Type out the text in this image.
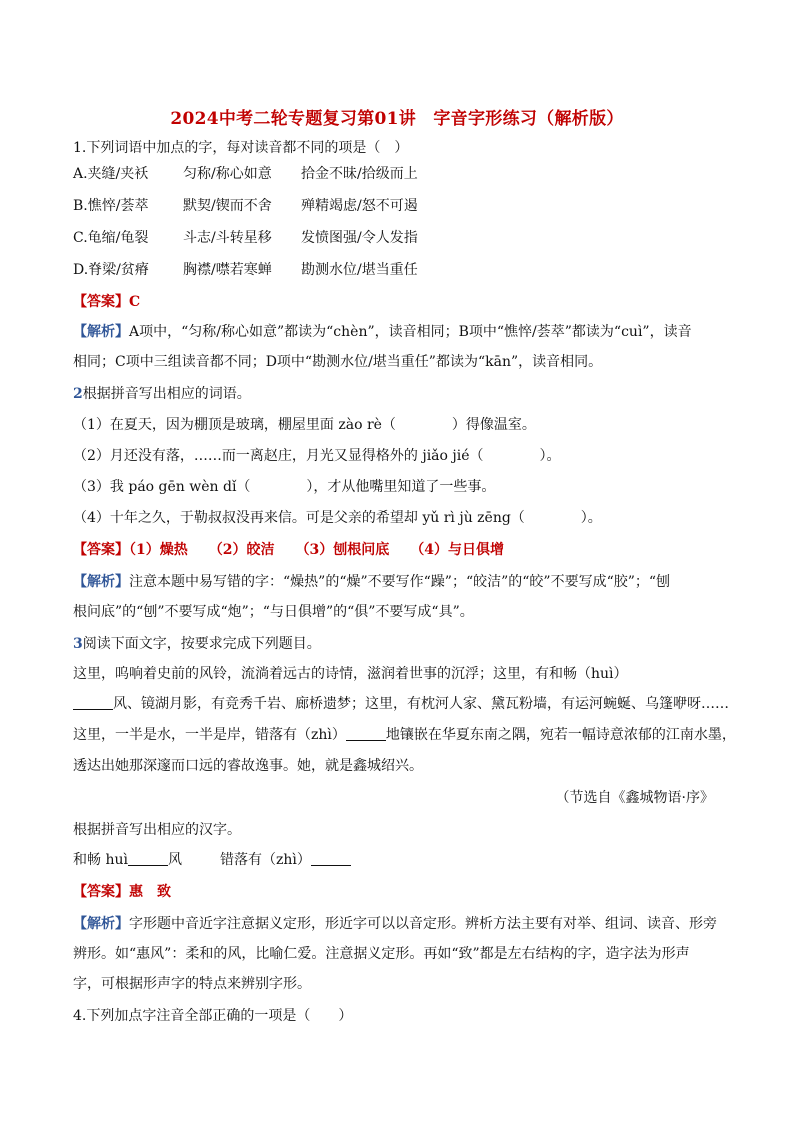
2024中考二轮专题复习第01讲　字音字形练习（解析版）
1.下列词语中加点的字，每对读音都不同的项是（　）
A.夹缝/夹袄 匀称/称心如意 拾金不昧/拾级而上
B.憔悴/荟萃 默契/锲而不舍 殚精竭虑/怒不可遏
C.龟缩/龟裂 斗志/斗转星移 发愤图强/令人发指
D.脊梁/贫瘠 胸襟/噤若寒蝉 勘测水位/堪当重任
【答案】C
【解析】A项中，“匀称/称心如意”都读为“chèn”，读音相同；B项中“憔悴/荟萃”都读为“cuì”，读音
相同；C项中三组读音都不同；D项中“勘测水位/堪当重任”都读为“kān”，读音相同。
2根据拼音写出相应的词语。
（1）在夏天，因为棚顶是玻璃，棚屋里面 zào rè（　　　　）得像温室。
（2）月还没有落，……而一离赵庄，月光又显得格外的 jiǎo jié（　　　　）。
（3）我 páo gēn wèn dǐ（　　　　），才从他嘴里知道了一些事。
（4）十年之久，于勒叔叔没再来信。可是父亲的希望却 yǔ rì jù zēng（　　　　）。
【答案】（1）燥热　　（2）皎洁　　（3）刨根问底　　（4）与日俱增
【解析】注意本题中易写错的字：“燥热”的“燥”不要写作“躁”；“皎洁”的“皎”不要写成“胶”；“刨
根问底”的“刨”不要写成“炮”；“与日俱增”的“俱”不要写成“具”。
3阅读下面文字，按要求完成下列题目。
这里，呜响着史前的风铃，流淌着远古的诗情，滋润着世事的沉浮；这里，有和畅（huì）
风、镜湖月影，有竞秀千岩、廊桥遗梦；这里，有枕河人家、黛瓦粉墙，有运河蜿蜒、乌篷咿呀……
这里，一半是水，一半是岸，错落有（zhì）	地镶嵌在华夏东南之隅，宛若一幅诗意浓郁的江南水墨，
透达出她那深邃而口远的睿故逸事。她，就是鑫城绍兴。
（节选自《鑫城物语·序》
根据拼音写出相应的汉字。
和畅 huì	风	错落有（zhì）
【答案】惠　致
【解析】字形题中音近字注意据义定形，形近字可以以音定形。辨析方法主要有对举、组词、读音、形旁
辨形。如“惠风”：柔和的风，比喻仁爱。注意据义定形。再如“致”都是左右结构的字，造字法为形声
字，可根据形声字的特点来辨别字形。
4.下列加点字注音全部正确的一项是（　　）
